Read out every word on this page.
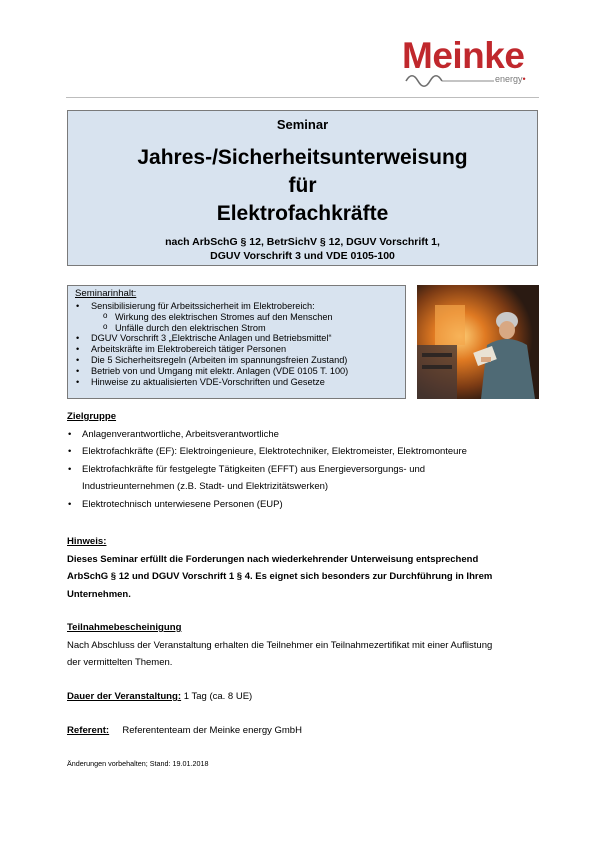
Meinke
energy•
Seminar
Jahres-/Sicherheitsunterweisung
für
Elektrofachkräfte
nach ArbSchG § 12, BetrSichV § 12, DGUV Vorschrift 1,
DGUV Vorschrift 3 und VDE 0105-100
Seminarinhalt:
• Sensibilisierung für Arbeitssicherheit im Elektrobereich:
o Wirkung des elektrischen Stromes auf den Menschen
o Unfälle durch den elektrischen Strom
• DGUV Vorschrift 3 „Elektrische Anlagen und Betriebsmittel“
• Arbeitskräfte im Elektrobereich tätiger Personen
• Die 5 Sicherheitsregeln (Arbeiten im spannungsfreien Zustand)
• Betrieb von und Umgang mit elektr. Anlagen (VDE 0105 T. 100)
• Hinweise zu aktualisierten VDE-Vorschriften und Gesetze
Zielgruppe
• Anlagenverantwortliche, Arbeitsverantwortliche
• Elektrofachkräfte (EF): Elektroingenieure, Elektrotechniker, Elektromeister, Elektromonteure
• Elektrofachkräfte für festgelegte Tätigkeiten (EFFT) aus Energieversorgungs- und
Industrieunternehmen (z.B. Stadt- und Elektrizitätswerken)
• Elektrotechnisch unterwiesene Personen (EUP)
Hinweis:
Dieses Seminar erfüllt die Forderungen nach wiederkehrender Unterweisung entsprechend
ArbSchG § 12 und DGUV Vorschrift 1 § 4. Es eignet sich besonders zur Durchführung in Ihrem
Unternehmen.
Teilnahmebescheinigung
Nach Abschluss der Veranstaltung erhalten die Teilnehmer ein Teilnahmezertifikat mit einer Auflistung
der vermittelten Themen.
Dauer der Veranstaltung: 1 Tag (ca. 8 UE)
Referent: Referententeam der Meinke energy GmbH
Änderungen vorbehalten; Stand: 19.01.2018
